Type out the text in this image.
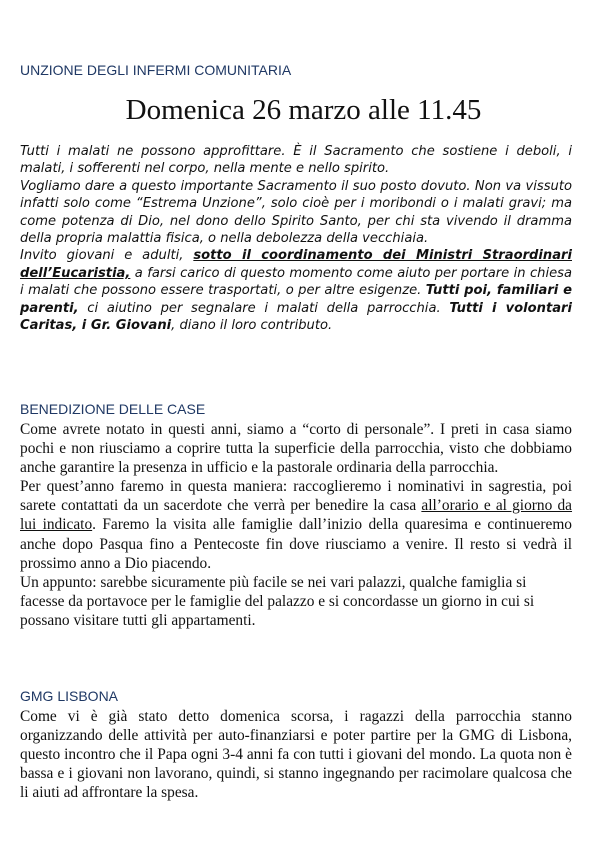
UNZIONE DEGLI INFERMI COMUNITARIA
Domenica 26 marzo alle 11.45

Tutti i malati ne possono approfittare. È il Sacramento che sostiene i deboli, i malati, i sofferenti nel corpo, nella mente e nello spirito.

Vogliamo dare a questo importante Sacramento il suo posto dovuto. Non va vissuto infatti solo come “Estrema Unzione”, solo cioè per i moribondi o i malati gravi; ma come potenza di Dio, nel dono dello Spirito Santo, per chi sta vivendo il dramma della propria malattia fisica, o nella debolezza della vecchiaia.

Invito giovani e adulti, sotto il coordinamento dei Ministri Straordinari dell’Eucaristia, a farsi carico di questo momento come aiuto per portare in chiesa i malati che possono essere trasportati, o per altre esigenze. Tutti poi, familiari e parenti, ci aiutino per segnalare i malati della parrocchia. Tutti i volontari Caritas, i Gr. Giovani, diano il loro contributo.

BENEDIZIONE DELLE CASE

Come avrete notato in questi anni, siamo a “corto di personale”. I preti in casa siamo pochi e non riusciamo a coprire tutta la superficie della parrocchia, visto che dobbiamo anche garantire la presenza in ufficio e la pastorale ordinaria della parrocchia.

Per quest’anno faremo in questa maniera: raccoglieremo i nominativi in sagrestia, poi sarete contattati da un sacerdote che verrà per benedire la casa all’orario e al giorno da lui indicato. Faremo la visita alle famiglie dall’inizio della quaresima e continueremo anche dopo Pasqua fino a Pentecoste fin dove riusciamo a venire. Il resto si vedrà il prossimo anno a Dio piacendo.

Un appunto: sarebbe sicuramente più facile se nei vari palazzi, qualche famiglia si facesse da portavoce per le famiglie del palazzo e si concordasse un giorno in cui si possano visitare tutti gli appartamenti.

GMG LISBONA

Come vi è già stato detto domenica scorsa, i ragazzi della parrocchia stanno organizzando delle attività per auto-finanziarsi e poter partire per la GMG di Lisbona, questo incontro che il Papa ogni 3-4 anni fa con tutti i giovani del mondo. La quota non è bassa e i giovani non lavorano, quindi, si stanno ingegnando per racimolare qualcosa che li aiuti ad affrontare la spesa.
